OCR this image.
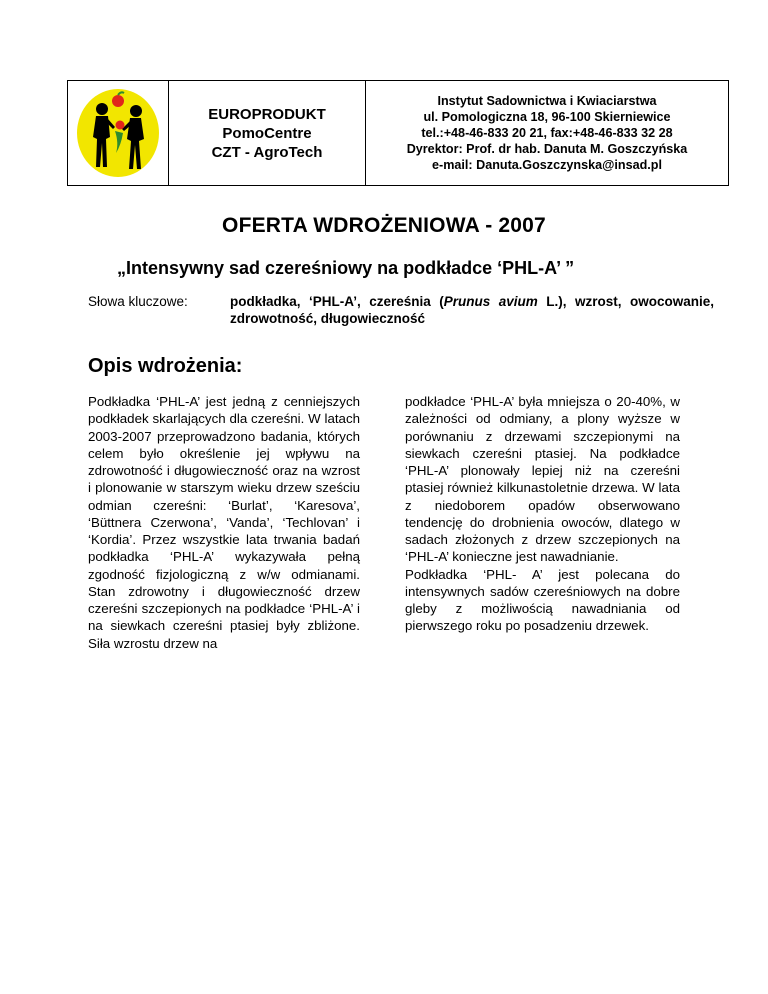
EUROPRODUKT
PomoCentre
CZT - AgroTech
Instytut Sadownictwa i Kwiaciarstwa
ul. Pomologiczna 18, 96-100 Skierniewice
tel.:+48-46-833 20 21, fax:+48-46-833 32 28
Dyrektor: Prof. dr hab. Danuta M. Goszczyńska
e-mail: Danuta.Goszczynska@insad.pl
OFERTA WDROŻENIOWA - 2007
„Intensywny sad czereśniowy na podkładce ‘PHL-A’ ”
Słowa kluczowe:	podkładka, ‘PHL-A’, czereśnia (Prunus avium L.), wzrost, owocowanie, zdrowotność, długowieczność
Opis wdrożenia:

Podkładka ‘PHL-A’ jest jedną z cenniejszych podkładek skarlających dla czereśni. W latach 2003-2007 przeprowadzono badania, których celem było określenie jej wpływu na zdrowotność i długowieczność oraz na wzrost i plonowanie w starszym wieku drzew sześciu odmian czereśni: ‘Burlat’, ‘Karesova’, ‘Büttnera Czerwona’, ‘Vanda’, ‘Techlovan’ i ‘Kordia’. Przez wszystkie lata trwania badań podkładka ‘PHL-A’ wykazywała pełną zgodność fizjologiczną z w/w odmianami. Stan zdrowotny i długowieczność drzew czereśni szczepionych na podkładce ‘PHL-A’ i na siewkach czereśni ptasiej były zbliżone. Siła wzrostu drzew na

podkładce ‘PHL-A’ była mniejsza o 20-40%, w zależności od odmiany, a plony wyższe w porównaniu z drzewami szczepionymi na siewkach czereśni ptasiej. Na podkładce ‘PHL-A’ plonowały lepiej niż na czereśni ptasiej również kilkunastoletnie drzewa. W lata z niedoborem opadów obserwowano tendencję do drobnienia owoców, dlatego w sadach złożonych z drzew szczepionych na ‘PHL-A’ konieczne jest nawadnianie.

Podkładka ‘PHL- A’ jest polecana do intensywnych sadów czereśniowych na dobre gleby z możliwością nawadniania od pierwszego roku po posadzeniu drzewek.
